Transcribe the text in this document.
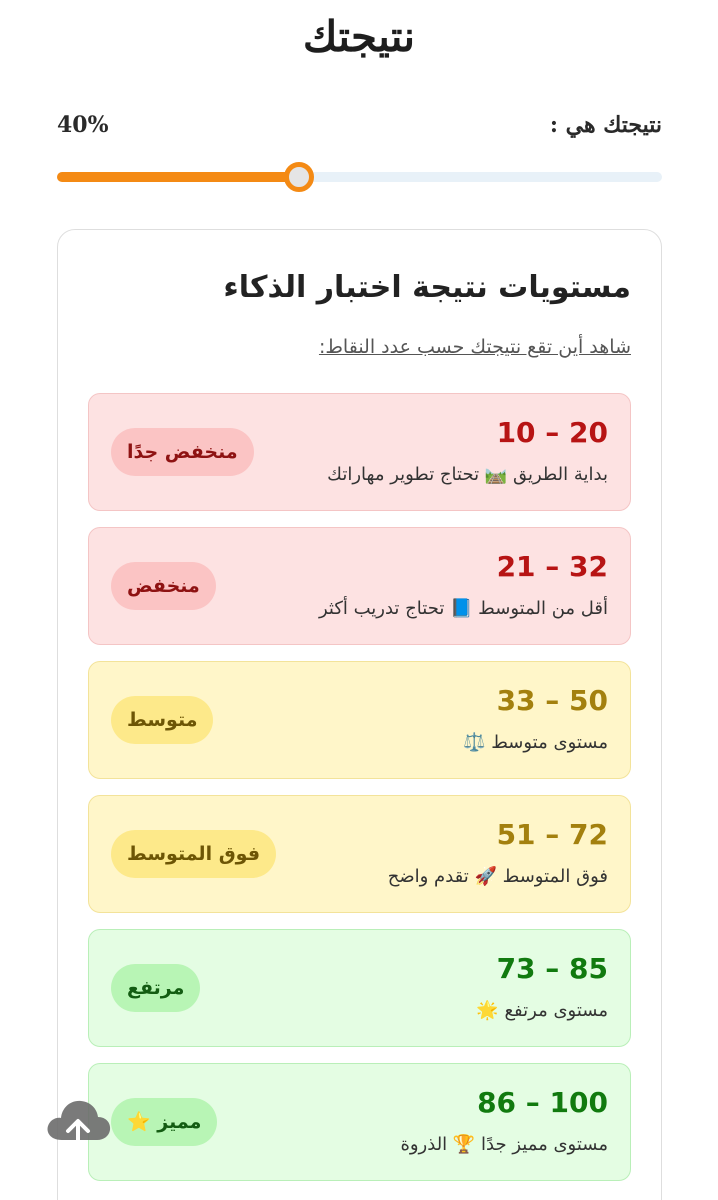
نتيجتك
40%	نتيجتك هي :
مستويات نتيجة اختبار الذكاء
شاهد أين تقع نتيجتك حسب عدد النقاط:
10 – 20
بداية الطريق 🛤️ تحتاج تطوير مهاراتك
منخفض جدًا
21 – 32
أقل من المتوسط 📘 تحتاج تدريب أكثر
منخفض
33 – 50
مستوى متوسط ⚖️
متوسط
51 – 72
فوق المتوسط 🚀 تقدم واضح
فوق المتوسط
73 – 85
مستوى مرتفع 🌟
مرتفع
86 – 100
مستوى مميز جدًا 🏆 الذروة
مميز ⭐
